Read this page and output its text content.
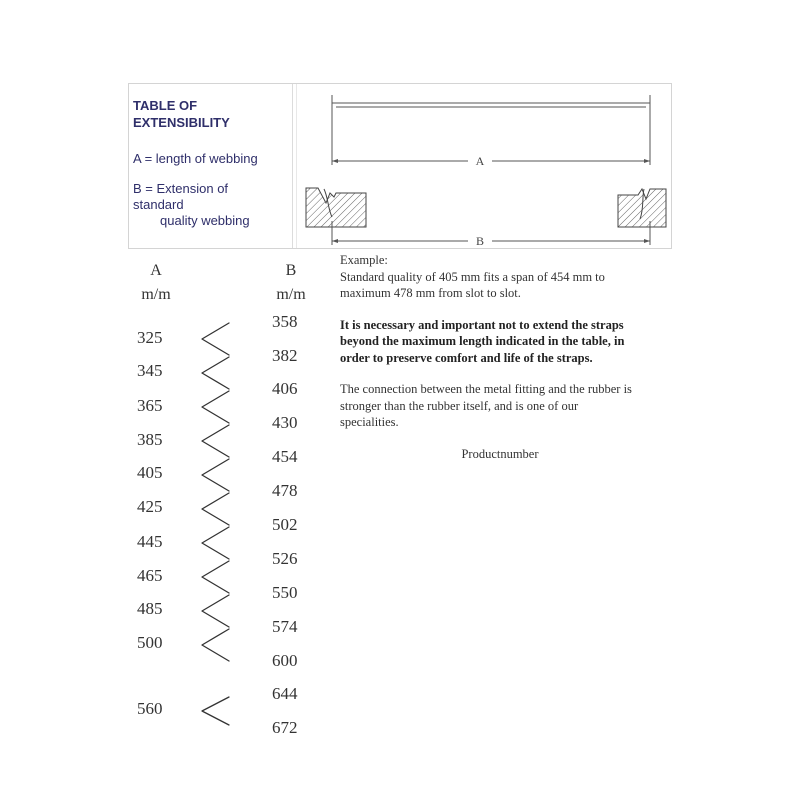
TABLE OF
EXTENSIBILITY
A = length of webbing
B = Extension of
standard
quality webbing
A
B
A
m/m
B
m/m
325
345
365
385
405
425
445
465
485
500
560
358
382
406
430
454
478
502
526
550
574
600
644
672

Example:

Standard quality of 405 mm fits a span of 454 mm to

maximum 478 mm from slot to slot.

It is necessary and important not to extend the straps

beyond the maximum length indicated in the table, in

order to preserve comfort and life of the straps.

The connection between the metal fitting and the rubber is

stronger than the rubber itself, and is one of our

specialities.

Productnumber
